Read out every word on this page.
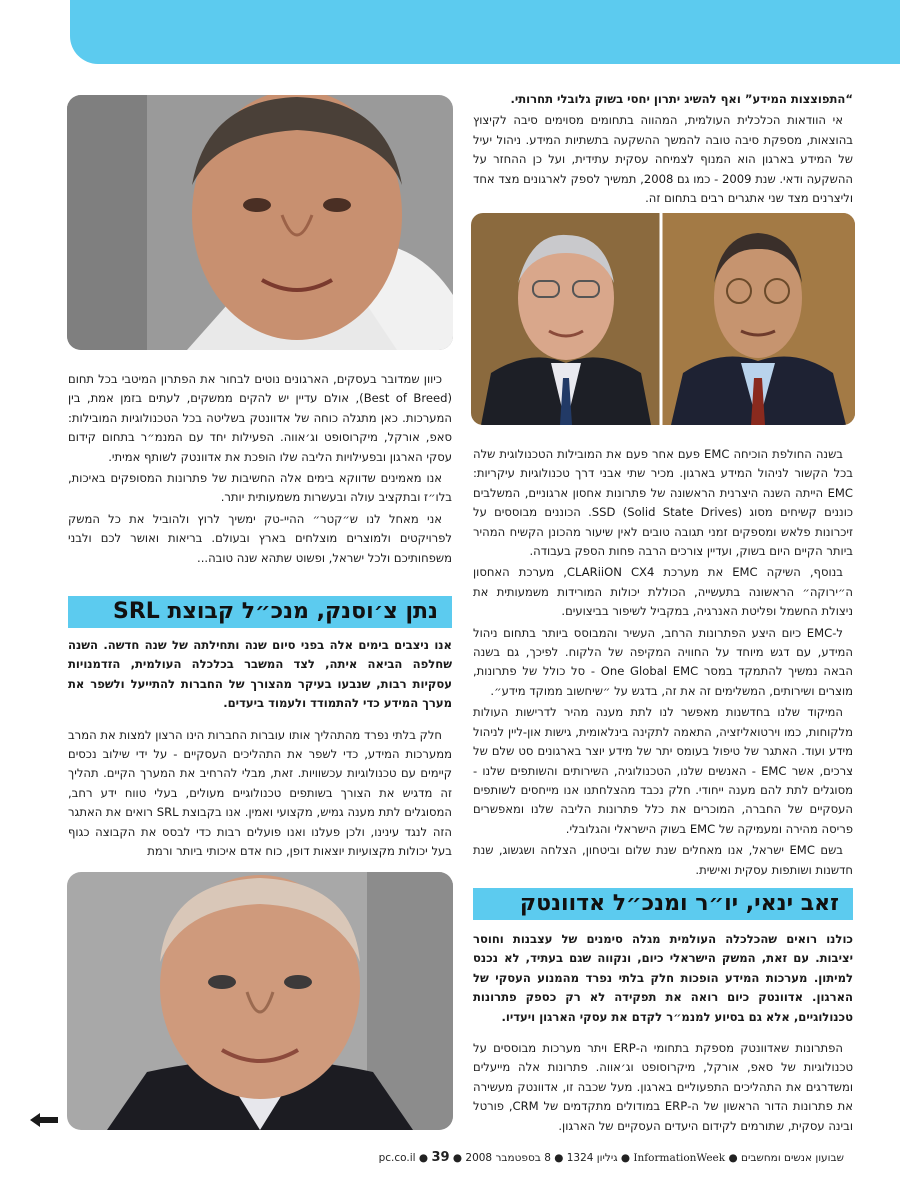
“התפוצצות המידע” ואף להשיג יתרון יחסי בשוק גלובלי תחרותי.

אי הוודאות הכלכלית העולמית, המהווה בתחומים מסוימים סיבה לקיצוץ בהוצאות, מספקת סיבה טובה להמשך ההשקעה בתשתיות המידע. ניהול יעיל של המידע בארגון הוא המנוף לצמיחה עסקית עתידית, ועל כן ההחזר על ההשקעה ודאי. שנת 2009 - כמו גם 2008, תמשיך לספק לארגונים מצד אחד וליצרנים מצד שני אתגרים רבים בתחום זה.

בשנה החולפת הוכיחה EMC פעם אחר פעם את המובילות הטכנולוגית שלה בכל הקשור לניהול המידע בארגון. מכיר שתי אבני דרך טכנולוגיות עיקריות: EMC הייתה השנה היצרנית הראשונה של פתרונות אחסון ארגוניים, המשלבים כוננים קשיחים מסוג SSD (Solid State Drives). הכוננים מבוססים על זיכרונות פלאש ומספקים זמני תגובה טובים לאין שיעור מהכונן הקשיח המהיר ביותר הקיים היום בשוק, ועדיין צורכים הרבה פחות הספק בעבודה.

בנוסף, השיקה EMC את מערכת CLARiiON CX4, מערכת האחסון ה״ירוקה״ הראשונה בתעשייה, הכוללת יכולות המורידות משמעותית את ניצולת החשמל ופליטת האנרגיה, במקביל לשיפור בביצועים.

ל-EMC כיום היצע הפתרונות הרחב, העשיר והמבוסס ביותר בתחום ניהול המידע, עם דגש מיוחד על החוויה המקיפה של הלקוח. לפיכך, גם בשנה הבאה נמשיך להתמקד במסר One Global EMC - סל כולל של פתרונות, מוצרים ושירותים, המשלימים זה את זה, בדגש על ״שיחשוב ממוקד מידע״.

המיקוד שלנו בחדשנות מאפשר לנו לתת מענה מהיר לדרישות העולות מלקוחות, כמו וירטואליזציה, התאמה לתקינה בינלאומית, גישות און-ליין לניהול מידע ועוד. האתגר של טיפול בעומס יתר של מידע יוצר בארגונים סט שלם של צרכים, אשר EMC - האנשים שלנו, הטכנולוגיה, השירותים והשותפים שלנו - מסוגלים לתת להם מענה ייחודי. חלק נכבד מהצלחתנו אנו מייחסים לשותפים העסקיים של החברה, המוכרים את כלל פתרונות הליבה שלנו ומאפשרים פריסה מהירה ומעמיקה של EMC בשוק הישראלי והגלובלי.

בשם EMC ישראל, אנו מאחלים שנת שלום וביטחון, הצלחה ושגשוג, שנת חדשנות ושותפות עסקית ואישית.

זאב ינאי, יו״ר ומנכ״ל אדוונטק

כולנו רואים שהכלכלה העולמית מגלה סימנים של עצבנות וחוסר יציבות. עם זאת, המשק הישראלי כיום, ונקווה שגם בעתיד, לא נכנס למיתון. מערכות המידע הופכות חלק בלתי נפרד מהמנוע העסקי של הארגון. אדוונטק כיום רואה את תפקידה לא רק כספק פתרונות טכנולוגיים, אלא גם בסיוע למנמ״ר לקדם את עסקי הארגון ויעדיו.

הפתרונות שאדוונטק מספקת בתחומי ה-ERP ויתר מערכות מבוססים על טכנולוגיות של סאפ, אורקל, מיקרוסופט וג׳אווה. פתרונות אלה מייעלים ומשדרגים את התהליכים התפעוליים בארגון. מעל שכבה זו, אדוונטק מעשירה את פתרונות הדור הראשון של ה-ERP במודולים מתקדמים של CRM, פורטל ובינה עסקית, שתורמים לקידום היעדים העסקיים של הארגון.

כיוון שמדובר בעסקים, הארגונים נוטים לבחור את הפתרון המיטבי בכל תחום (Best of Breed), אולם עדיין יש להקים ממשקים, לעתים בזמן אמת, בין המערכות. כאן מתגלה כוחה של אדוונטק בשליטה בכל הטכנולוגיות המובילות: סאפ, אורקל, מיקרוסופט וג׳אווה. הפעילות יחד עם המנמ״ר בתחום קידום עסקי הארגון ובפעילויות הליבה שלו הופכת את אדוונטק לשותף אמיתי.

אנו מאמינים שדווקא בימים אלה החשיבות של פתרונות המסופקים באיכות, בלו״ז ובתקציב עולה ובעשרות משמעותית יותר.

אני מאחל לנו ש״קטר״ ההיי-טק ימשיך לרוץ ולהוביל את כל המשק לפרויקטים ולמוצרים מוצלחים בארץ ובעולם. בריאות ואושר לכם ולבני משפחותיכם ולכל ישראל, ופשוט שתהא שנה טובה...

נתן צ׳וסנק, מנכ״ל קבוצת SRL

אנו ניצבים בימים אלה בפני סיום שנה ותחילתה של שנה חדשה. השנה שחלפה הביאה איתה, לצד המשבר בכלכלה העולמית, הזדמנויות עסקיות רבות, שנבעו בעיקר מהצורך של החברות להתייעל ולשפר את מערך המידע כדי להתמודד ולעמוד ביעדים.

חלק בלתי נפרד מהתהליך אותו עוברות החברות הינו הרצון למצות את המרב ממערכות המידע, כדי לשפר את התהליכים העסקיים - על ידי שילוב נכסים קיימים עם טכנולוגיות עכשוויות. זאת, מבלי להרחיב את המערך הקיים. תהליך זה מדגיש את הצורך בשותפים טכנולוגיים מעולים, בעלי טווח ידע רחב, המסוגלים לתת מענה גמיש, מקצועי ואמין. אנו בקבוצת SRL רואים את האתגר הזה לנגד עינינו, ולכן פעלנו ואנו פועלים רבות כדי לבסס את הקבוצה כגוף בעל יכולות מקצועיות יוצאות דופן, כוח אדם איכותי ביותר ורמת

שבועון אנשים ומחשבים ● InformationWeek ● גיליון 1324 ● 8 בספטמבר 2008 ● pc.co.il ● 39
